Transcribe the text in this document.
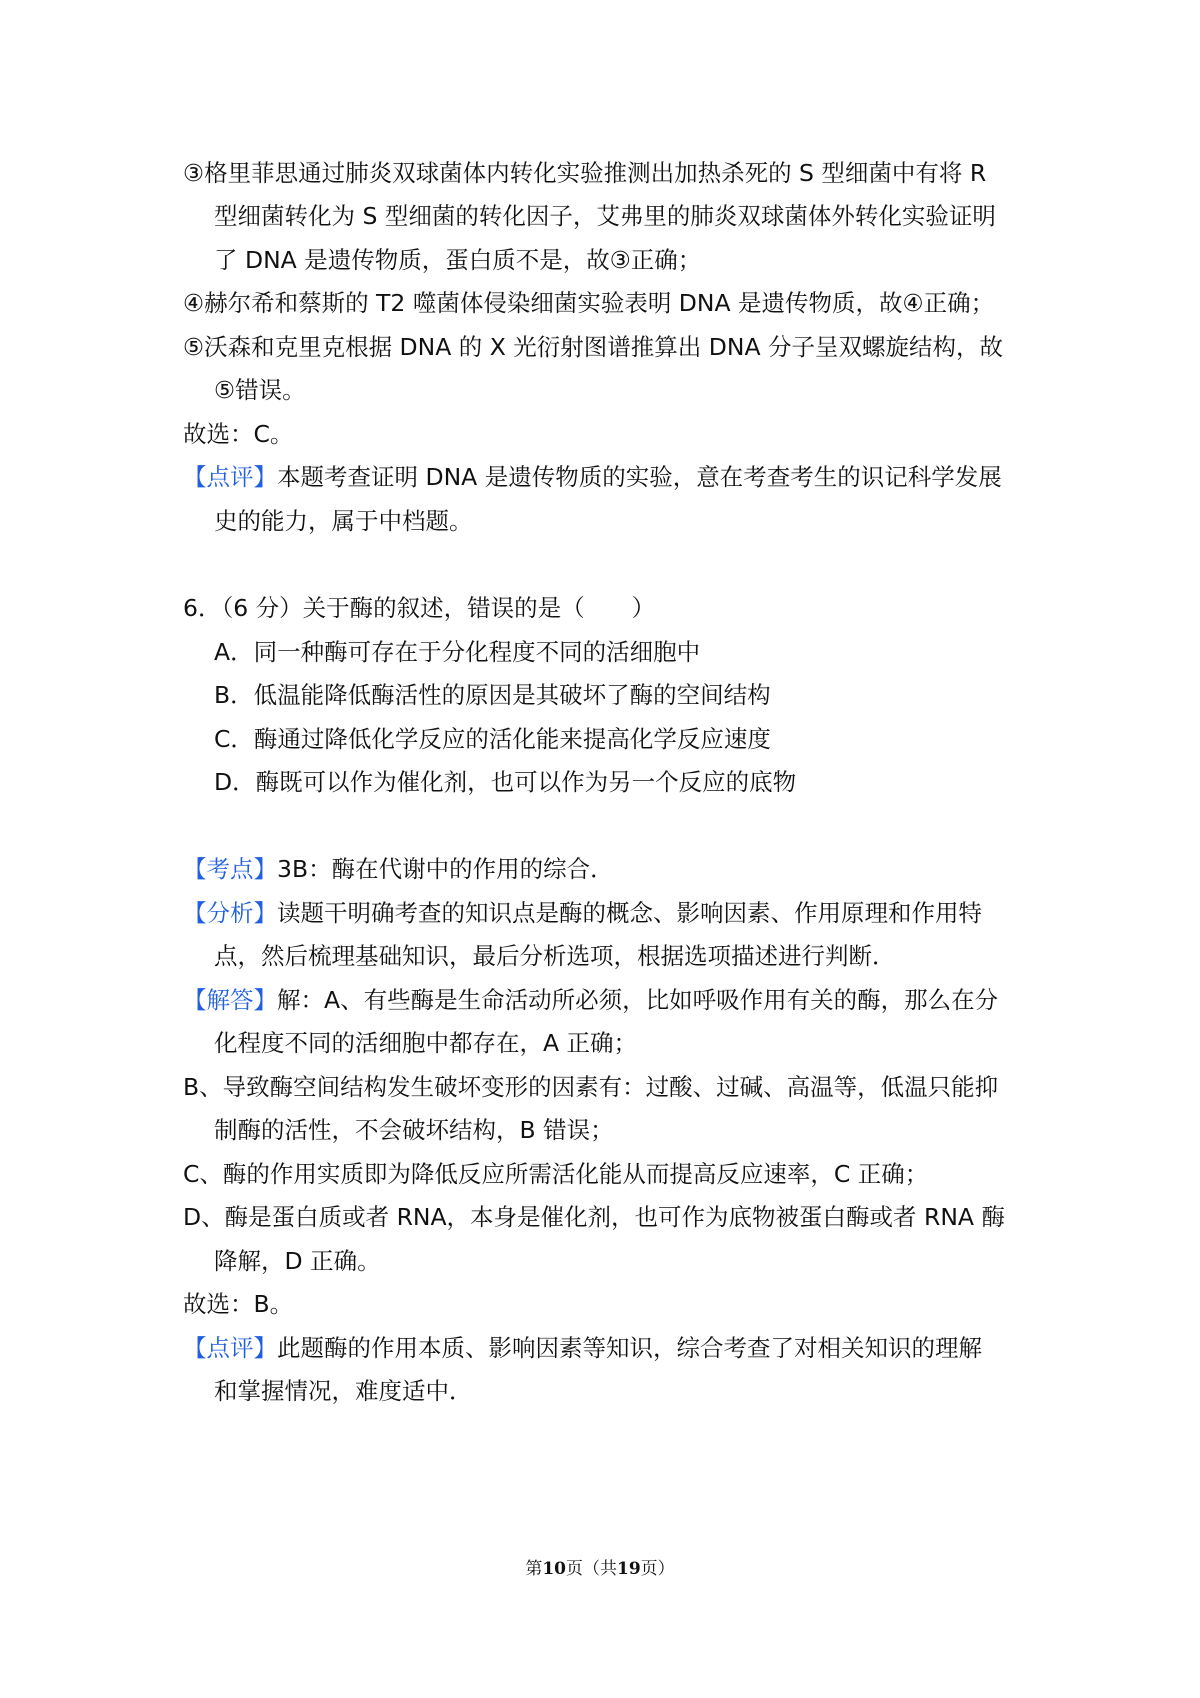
③格里菲思通过肺炎双球菌体内转化实验推测出加热杀死的 S 型细菌中有将 R
型细菌转化为 S 型细菌的转化因子，艾弗里的肺炎双球菌体外转化实验证明
了 DNA 是遗传物质，蛋白质不是，故③正确；
④赫尔希和蔡斯的 T2 噬菌体侵染细菌实验表明 DNA 是遗传物质，故④正确；
⑤沃森和克里克根据 DNA 的 X 光衍射图谱推算出 DNA 分子呈双螺旋结构，故
⑤错误。
故选：C。
【点评】本题考查证明 DNA 是遗传物质的实验，意在考查考生的识记科学发展
史的能力，属于中档题。
6．（6 分）关于酶的叙述，错误的是（　　）
A．同一种酶可存在于分化程度不同的活细胞中
B．低温能降低酶活性的原因是其破坏了酶的空间结构
C．酶通过降低化学反应的活化能来提高化学反应速度
D．酶既可以作为催化剂，也可以作为另一个反应的底物
【考点】3B：酶在代谢中的作用的综合．
【分析】读题干明确考查的知识点是酶的概念、影响因素、作用原理和作用特
点，然后梳理基础知识，最后分析选项，根据选项描述进行判断．
【解答】解：A、有些酶是生命活动所必须，比如呼吸作用有关的酶，那么在分
化程度不同的活细胞中都存在，A 正确；
B、导致酶空间结构发生破坏变形的因素有：过酸、过碱、高温等，低温只能抑
制酶的活性，不会破坏结构，B 错误；
C、酶的作用实质即为降低反应所需活化能从而提高反应速率，C 正确；
D、酶是蛋白质或者 RNA，本身是催化剂，也可作为底物被蛋白酶或者 RNA 酶
降解，D 正确。
故选：B。
【点评】此题酶的作用本质、影响因素等知识，综合考查了对相关知识的理解
和掌握情况，难度适中．
第10页（共19页）
